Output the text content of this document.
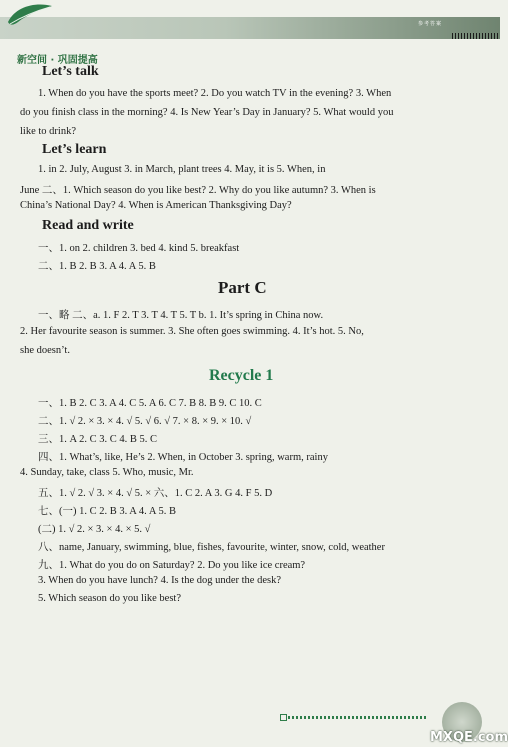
参考答案
新空间 · 巩固提高
Let’s talk
1. When do you have the sports meet? 2. Do you watch TV in the evening? 3. When
do you finish class in the morning? 4. Is New Year’s Day in January? 5. What would you
like to drink?
Let’s learn
1. in 2. July, August 3. in March, plant trees 4. May, it is 5. When, in
June 二、1. Which season do you like best? 2. Why do you like autumn? 3. When is
China’s National Day? 4. When is American Thanksgiving Day?
Read and write
一、1. on 2. children 3. bed 4. kind 5. breakfast
二、1. B 2. B 3. A 4. A 5. B
Part C
一、略 二、a. 1. F 2. T 3. T 4. T 5. T b. 1. It’s spring in China now.
2. Her favourite season is summer. 3. She often goes swimming. 4. It’s hot. 5. No,
she doesn’t.
Recycle 1
一、1. B 2. C 3. A 4. C 5. A 6. C 7. B 8. B 9. C 10. C
二、1. √ 2. × 3. × 4. √ 5. √ 6. √ 7. × 8. × 9. × 10. √
三、1. A 2. C 3. C 4. B 5. C
四、1. What’s, like, He’s 2. When, in October 3. spring, warm, rainy
4. Sunday, take, class 5. Who, music, Mr.
五、1. √ 2. √ 3. × 4. √ 5. × 六、1. C 2. A 3. G 4. F 5. D
七、(一) 1. C 2. B 3. A 4. A 5. B
(二) 1. √ 2. × 3. × 4. × 5. √
八、name, January, swimming, blue, fishes, favourite, winter, snow, cold, weather
九、1. What do you do on Saturday? 2. Do you like ice cream?
3. When do you have lunch? 4. Is the dog under the desk?
5. Which season do you like best?
MXQE.com
